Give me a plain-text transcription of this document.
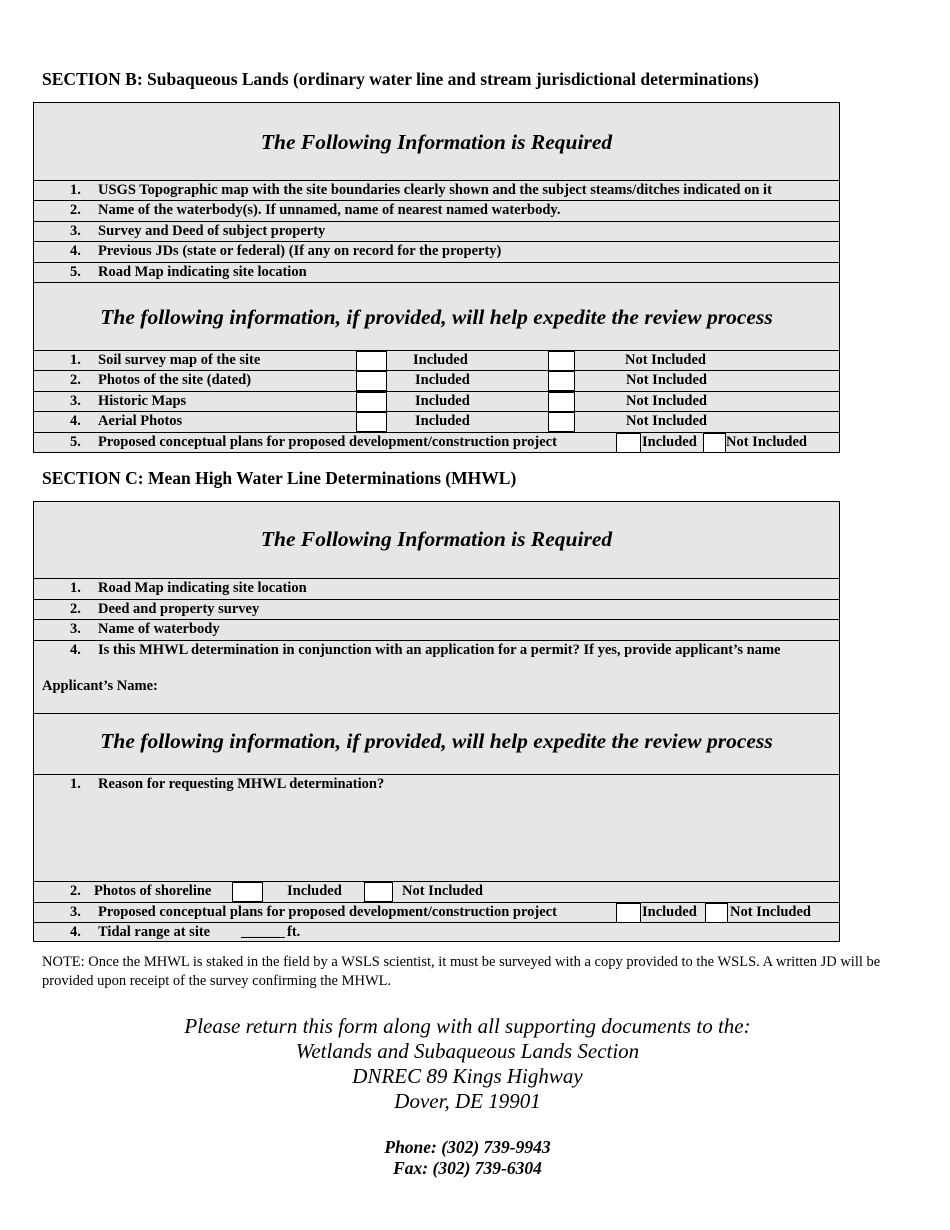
SECTION B: Subaqueous Lands (ordinary water line and stream jurisdictional determinations)
The Following Information is Required
1. USGS Topographic map with the site boundaries clearly shown and the subject steams/ditches indicated on it
2. Name of the waterbody(s). If unnamed, name of nearest named waterbody.
3. Survey and Deed of subject property
4. Previous JDs (state or federal) (If any on record for the property)
5. Road Map indicating site location
The following information, if provided, will help expedite the review process
1. Soil survey map of the site	Included	Not Included
2. Photos of the site (dated)	Included	Not Included
3. Historic Maps	Included	Not Included
4. Aerial Photos	Included	Not Included
5. Proposed conceptual plans for proposed development/construction project	Included Not Included
SECTION C: Mean High Water Line Determinations (MHWL)
The Following Information is Required
1. Road Map indicating site location
2. Deed and property survey
3. Name of waterbody
4. Is this MHWL determination in conjunction with an application for a permit? If yes, provide applicant’s name
Applicant’s Name:
The following information, if provided, will help expedite the review process
1. Reason for requesting MHWL determination?
2. Photos of shoreline	Included	Not Included
3. Proposed conceptual plans for proposed development/construction project	Included Not Included
4. Tidal range at site ______ ft.
NOTE: Once the MHWL is staked in the field by a WSLS scientist, it must be surveyed with a copy provided to the WSLS. A written JD will be provided upon receipt of the survey confirming the MHWL.
Please return this form along with all supporting documents to the:
Wetlands and Subaqueous Lands Section
DNREC 89 Kings Highway
Dover, DE 19901
Phone: (302) 739-9943
Fax: (302) 739-6304
